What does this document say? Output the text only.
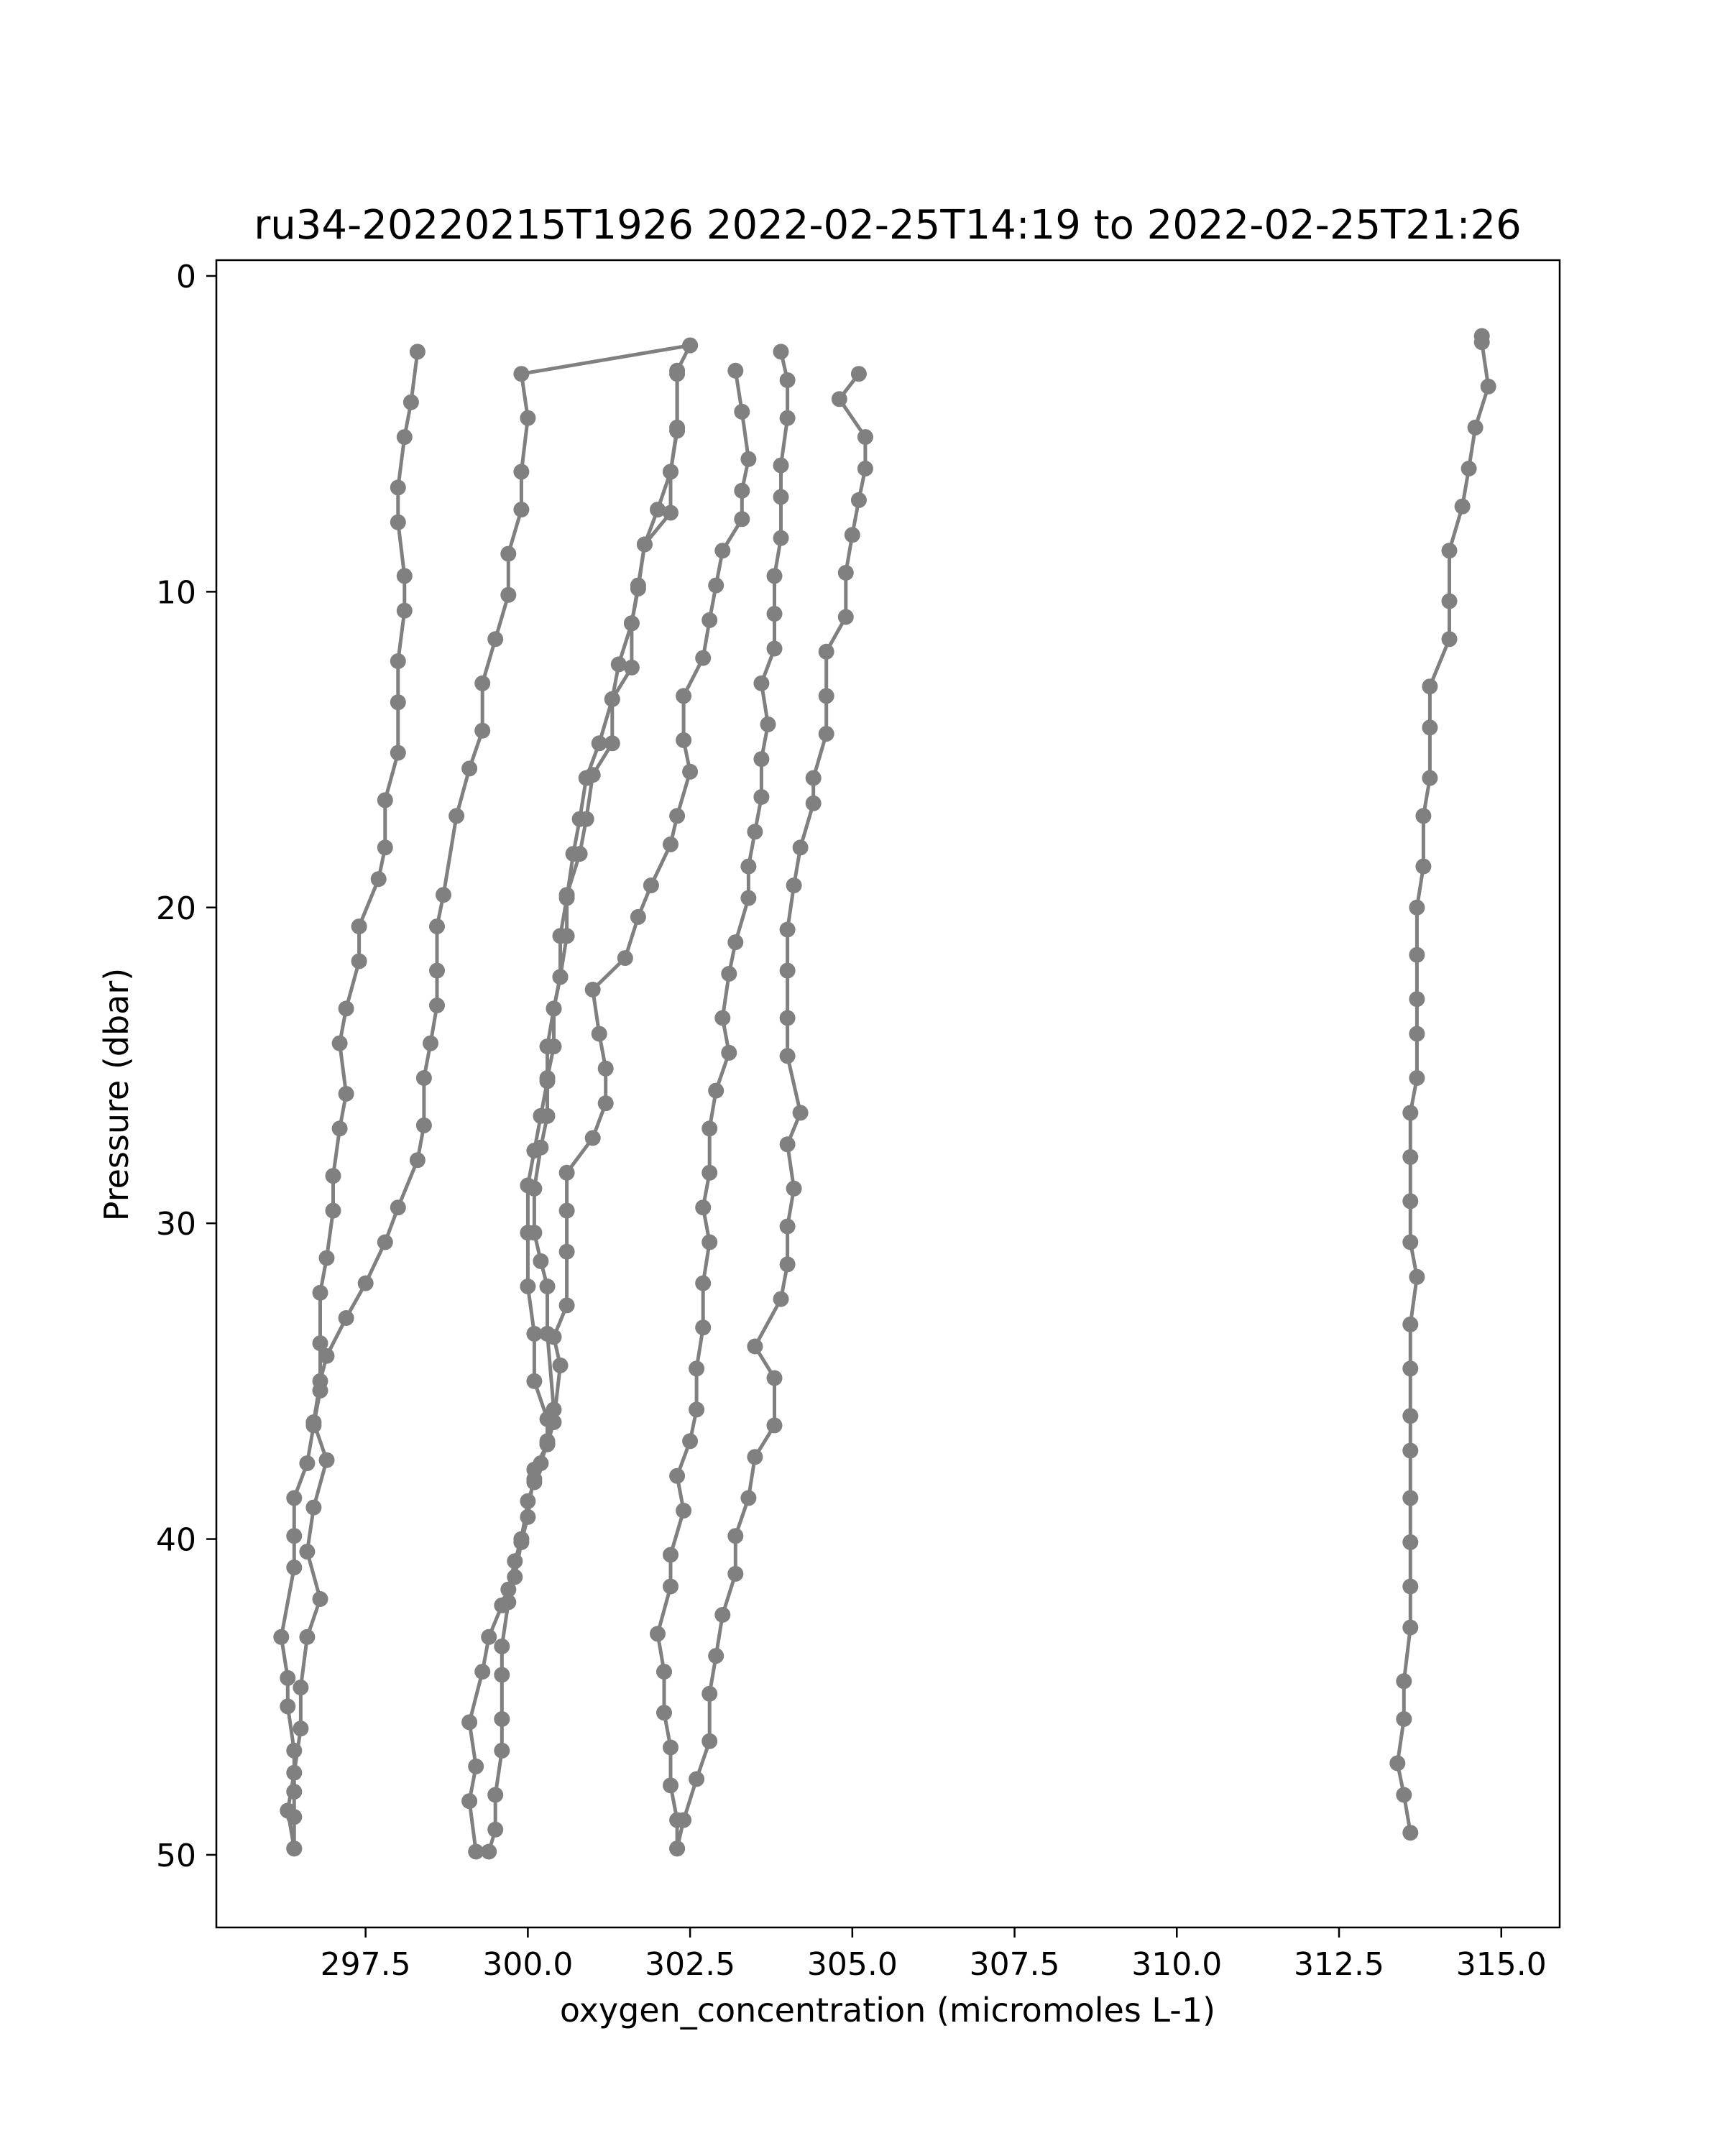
ru34-20220215T1926 2022-02-25T14:19 to 2022-02-25T21:26
297.5 300.0 302.5 305.0 307.5 310.0 312.5 315.0
0
10
20
30
40
50
oxygen_concentration (micromoles L-1)
Pressure (dbar)
